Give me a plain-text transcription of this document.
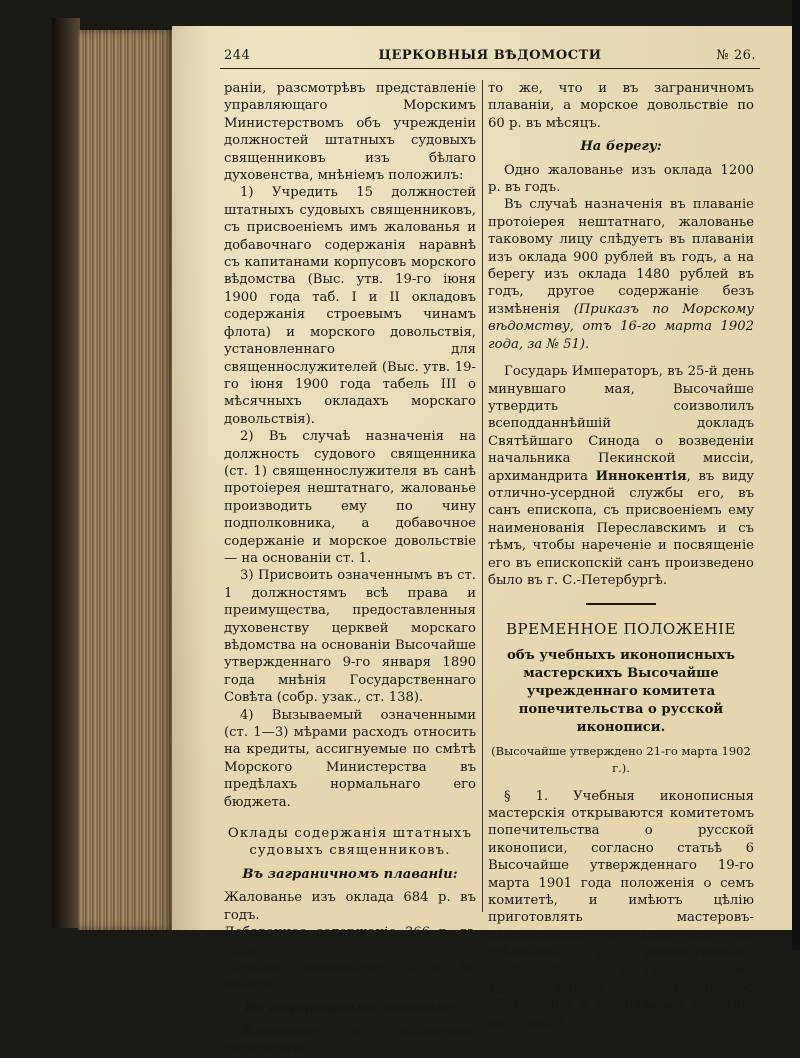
244	ЦЕРКОВНЫЯ ВѢДОМОСТИ	№ 26.

раніи, разсмотрѣвъ представленіе управляющаго Морскимъ Министерствомъ объ учрежденіи должностей штатныхъ судовыхъ священниковъ изъ бѣлаго духовенства, мнѣніемъ положилъ:

1) Учредить 15 должностей штатныхъ судовыхъ священниковъ, съ присвоеніемъ имъ жалованья и добавочнаго содержанія наравнѣ съ капитанами корпусовъ морского вѣдомства (Выс. утв. 19-го іюня 1900 года таб. I и II окладовъ содержанія строевымъ чинамъ флота) и морского довольствія, установленнаго для священнослужителей (Выс. утв. 19-го іюня 1900 года табель III о мѣсячныхъ окладахъ морскаго довольствія).

2) Въ случаѣ назначенія на должность судового священника (ст. 1) священнослужителя въ санѣ протоіерея нештатнаго, жалованье производить ему по чину подполковника, а добавочное содержаніе и морское довольствіе— на основаніи ст. 1.

3) Присвоить означеннымъ въ ст. 1 должностямъ всѣ права и преимущества, предоставленныя духовенству церквей морскаго вѣдомства на основаніи Высочайше утвержденнаго 9-го января 1890 года мнѣнія Государственнаго Совѣта (собр. узак., ст. 138).

4) Вызываемый означенными (ст. 1—3) мѣрами расходъ относить на кредиты, ассигнуемые по смѣтѣ Морского Министерства въ предѣлахъ нормальнаго его бюджета.

Оклады содержанія штатныхъ судовыхъ священниковъ.

Въ заграничномъ плаваніи:

Жалованье изъ оклада 684 р. въ годъ.

Добавочное содержаніе 366 р. въ годъ.

Морское довольствіе 72 р. въ мѣсяцъ.

Во внутреннемъ плаваніи:

Жалованье и добавочное содержаніе

то же, что и въ заграничномъ плаваніи, а морское довольствіе по 60 р. въ мѣсяцъ.

На берегу:

Одно жалованье изъ оклада 1200 р. въ годъ.

Въ случаѣ назначенія въ плаваніе протоіерея нештатнаго, жалованье таковому лицу слѣдуетъ въ плаваніи изъ оклада 900 рублей въ годъ, а на берегу изъ оклада 1480 рублей въ годъ, другое содержаніе безъ измѣненія (Приказъ по Морскому вѣдомству, отъ 16-го марта 1902 года, за № 51).

Государь Императоръ, въ 25-й день минувшаго мая, Высочайше утвердить соизволилъ всеподданнѣйшій докладъ Святѣйшаго Синода о возведеніи начальника Пекинской миссіи, архимандрита Иннокентія, въ виду отлично-усердной службы его, въ санъ епископа, съ присвоеніемъ ему наименованія Переславскимъ и съ тѣмъ, чтобы нареченіе и посвященіе его въ епископскій санъ произведено было въ г. С.-Петербургѣ.

ВРЕМЕННОЕ ПОЛОЖЕНІЕ

объ учебныхъ иконописныхъ мастерскихъ Высочайше учрежденнаго комитета попечительства о русской иконописи.

(Высочайше утверждено 21-го марта 1902 г.).

§ 1. Учебныя иконописныя мастерскія открываются комитетомъ попечительства о русской иконописи, согласно статьѣ 6 Высочайше утвержденнаго 19-го марта 1901 года положенія о семъ комитетѣ, и имѣютъ цѣлію приготовлять мастеровъ-иконописцевъ и мастеровъ по стѣннымъ и иконостаснымъ росписямъ, доставляя ученикамъ художественное иконописное образованіе и спеціальныя познанія въ области
